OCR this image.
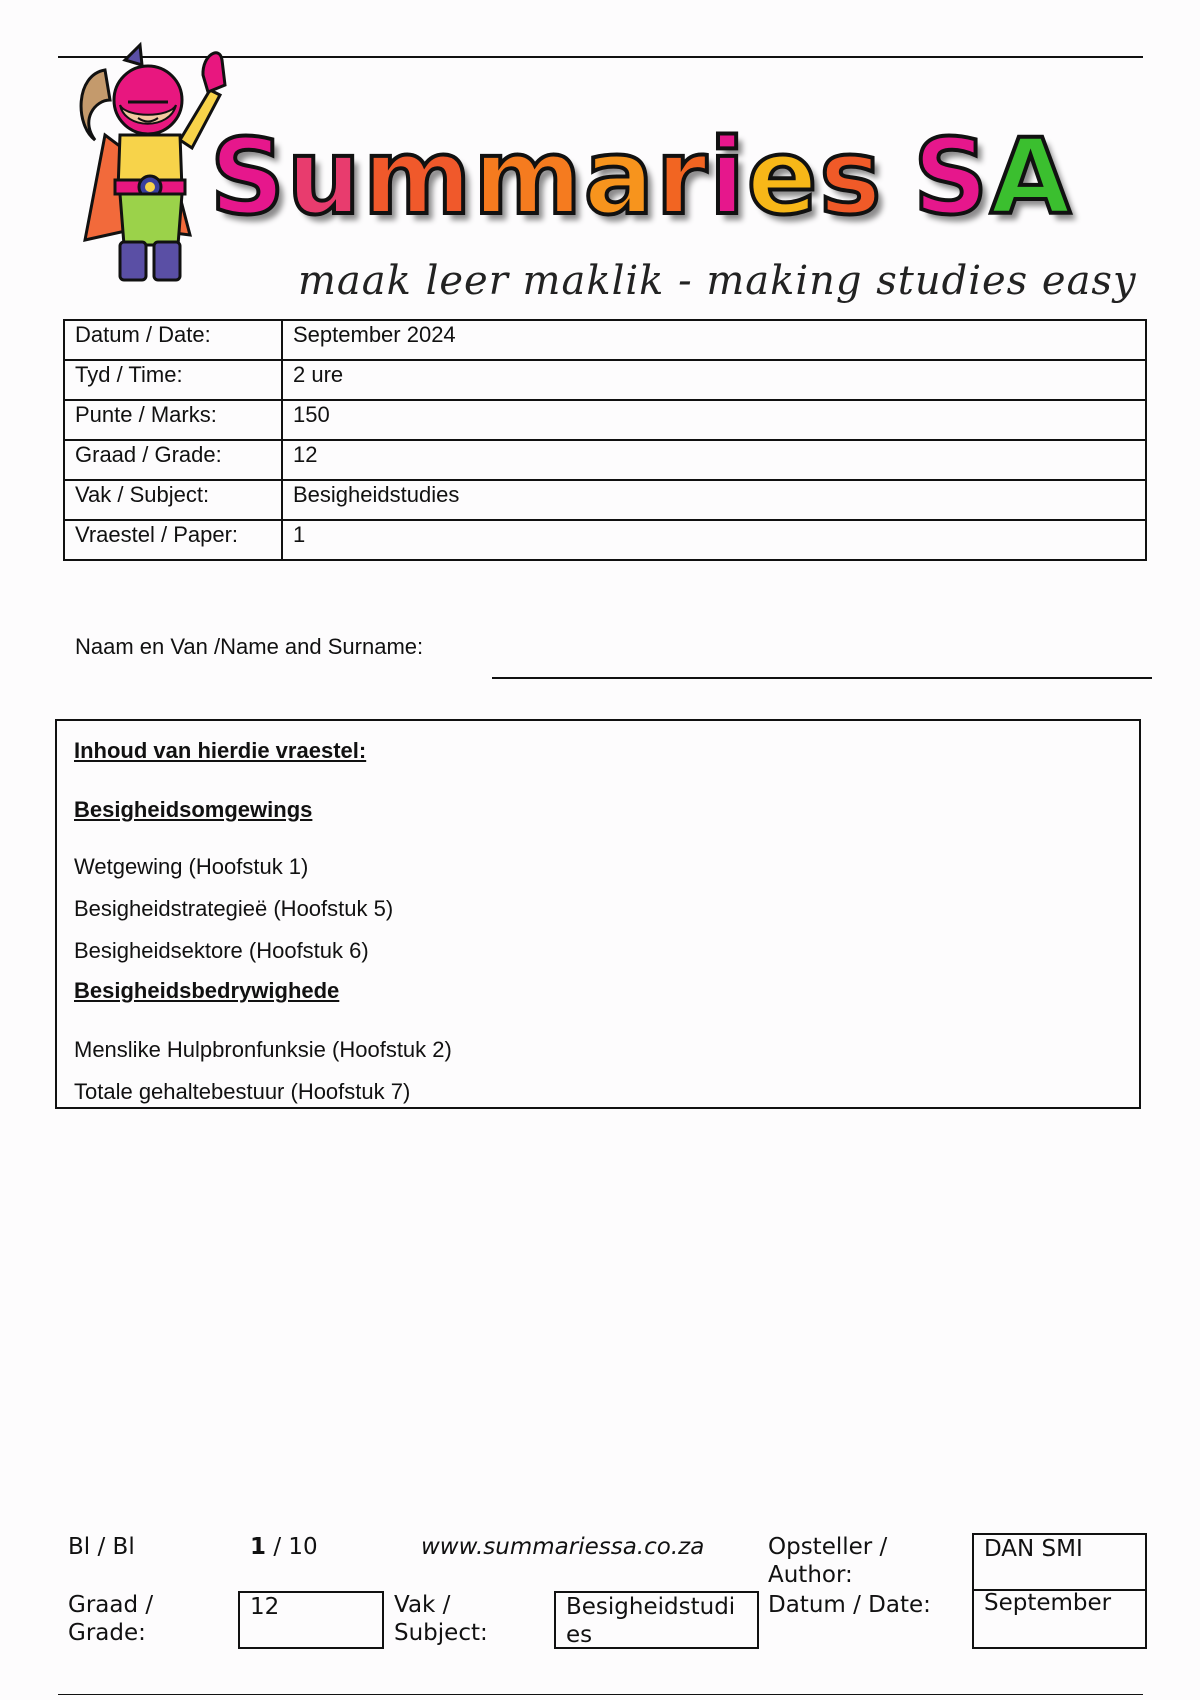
Summaries SA
maak leer maklik - making studies easy
Datum / Date:	September 2024
Tyd / Time:	2 ure
Punte / Marks:	150
Graad / Grade:	12
Vak / Subject:	Besigheidstudies
Vraestel / Paper:	1
Naam en Van /Name and Surname:
Inhoud van hierdie vraestel:
Besigheidsomgewings
Wetgewing (Hoofstuk 1)
Besigheidstrategieë (Hoofstuk 5)
Besigheidsektore (Hoofstuk 6)
Besigheidsbedrywighede
Menslike Hulpbronfunksie (Hoofstuk 2)
Totale gehaltebestuur (Hoofstuk 7)
Bl / Bl	1 / 10	www.summariessa.co.za	Opsteller /
Author:
DAN SMI
Graad /
Grade:
12	Vak /
Subject:
Besigheidstudi
es
Datum / Date:	September
